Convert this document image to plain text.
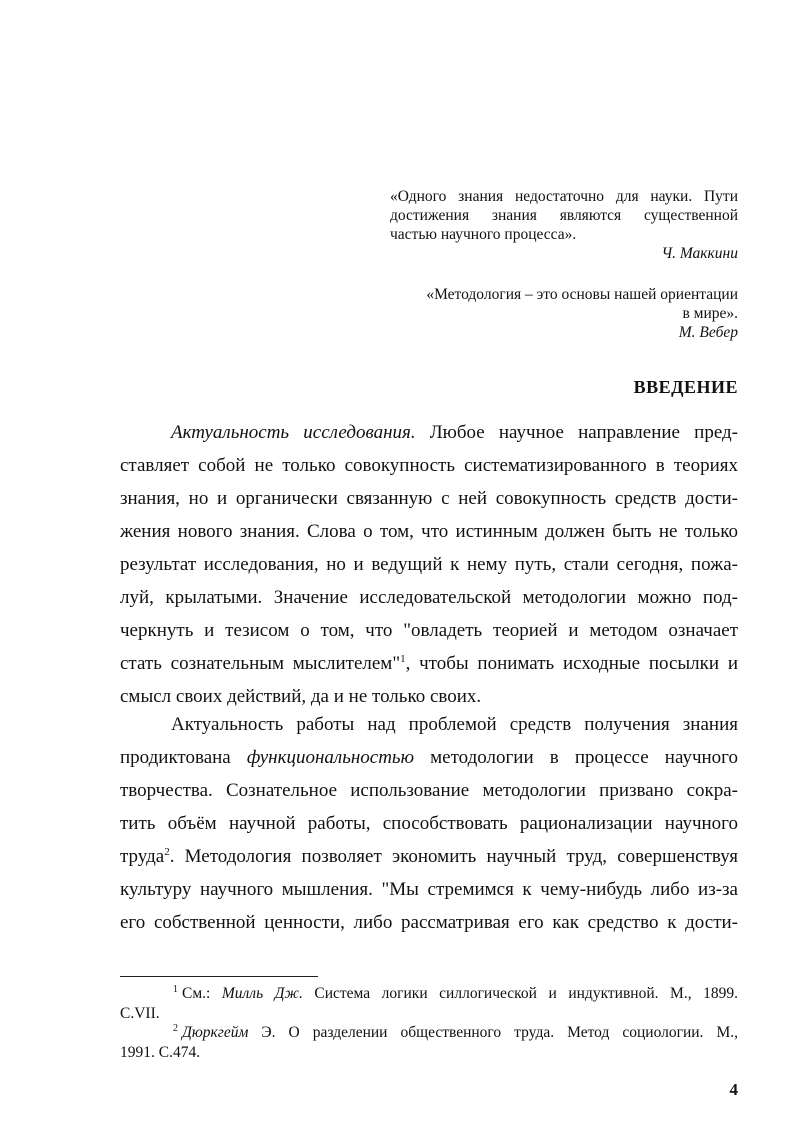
«Одного знания недостаточно для науки. Пути
достижения знания являются существенной
частью научного процесса».
Ч. Маккини
«Методология – это основы нашей ориентации
в мире».
М. Вебер
ВВЕДЕНИЕ
Актуальность исследования. Любое научное направление пред-
ставляет собой не только совокупность систематизированного в теориях
знания, но и органически связанную с ней совокупность средств дости-
жения нового знания. Слова о том, что истинным должен быть не только
результат исследования, но и ведущий к нему путь, стали сегодня, пожа-
луй, крылатыми. Значение исследовательской методологии можно под-
черкнуть и тезисом о том, что "овладеть теорией и методом означает
стать сознательным мыслителем"$^1$, чтобы понимать исходные посылки и
смысл своих действий, да и не только своих.
Актуальность работы над проблемой средств получения знания
продиктована функциональностью методологии в процессе научного
творчества. Сознательное использование методологии призвано сокра-
тить объём научной работы, способствовать рационализации научного
труда$^2$. Методология позволяет экономить научный труд, совершенствуя
культуру научного мышления. "Мы стремимся к чему-нибудь либо из-за
его собственной ценности, либо рассматривая его как средство к дости-
$^1$ См.: Милль Дж. Система логики силлогической и индуктивной. М., 1899.
С.VII.
$^2$ Дюркгейм Э. О разделении общественного труда. Метод социологии. М.,
1991. С.474.
4
